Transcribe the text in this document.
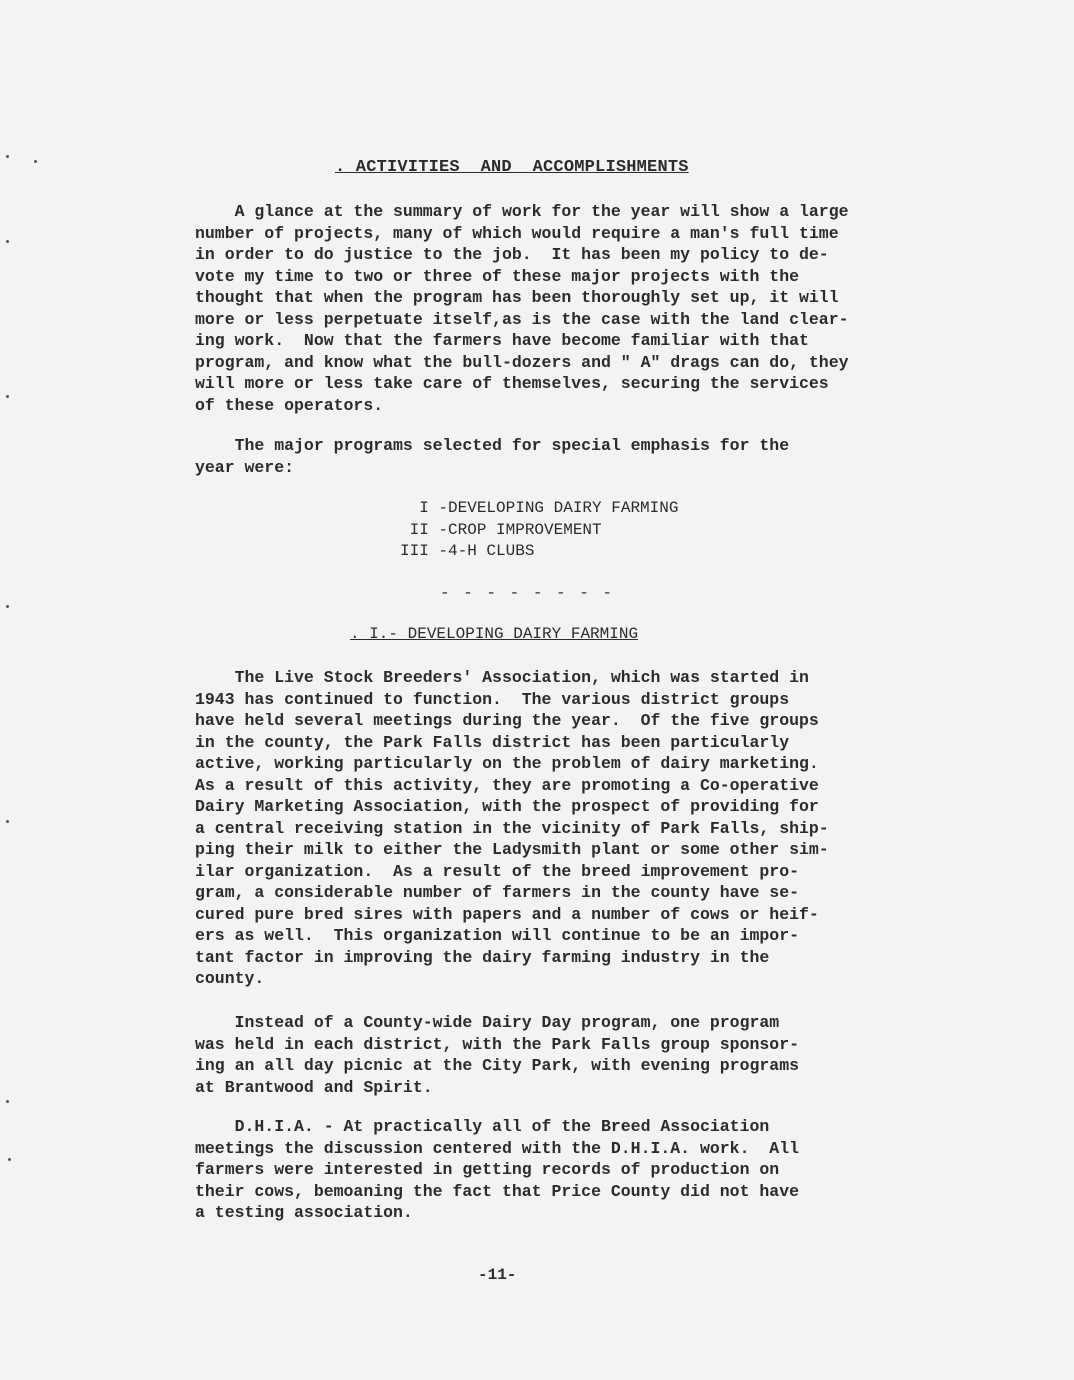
. ACTIVITIES  AND  ACCOMPLISHMENTS

A glance at the summary of work for the year will show a large
number of projects, many of which would require a man's full time
in order to do justice to the job.  It has been my policy to de-
vote my time to two or three of these major projects with the
thought that when the program has been thoroughly set up, it will
more or less perpetuate itself,as is the case with the land clear-
ing work.  Now that the farmers have become familiar with that
program, and know what the bull-dozers and " A" drags can do, they
will more or less take care of themselves, securing the services
of these operators.

The major programs selected for special emphasis for the
year were:

I -DEVELOPING DAIRY FARMING
II -CROP IMPROVEMENT
III -4-H CLUBS
- - - - - - - -
. I.- DEVELOPING DAIRY FARMING

The Live Stock Breeders' Association, which was started in
1943 has continued to function.  The various district groups
have held several meetings during the year.  Of the five groups
in the county, the Park Falls district has been particularly
active, working particularly on the problem of dairy marketing.
As a result of this activity, they are promoting a Co-operative
Dairy Marketing Association, with the prospect of providing for
a central receiving station in the vicinity of Park Falls, ship-
ping their milk to either the Ladysmith plant or some other sim-
ilar organization.  As a result of the breed improvement pro-
gram, a considerable number of farmers in the county have se-
cured pure bred sires with papers and a number of cows or heif-
ers as well.  This organization will continue to be an impor-
tant factor in improving the dairy farming industry in the
county.

Instead of a County-wide Dairy Day program, one program
was held in each district, with the Park Falls group sponsor-
ing an all day picnic at the City Park, with evening programs
at Brantwood and Spirit.

D.H.I.A. - At practically all of the Breed Association
meetings the discussion centered with the D.H.I.A. work.  All
farmers were interested in getting records of production on
their cows, bemoaning the fact that Price County did not have
a testing association.

-11-
